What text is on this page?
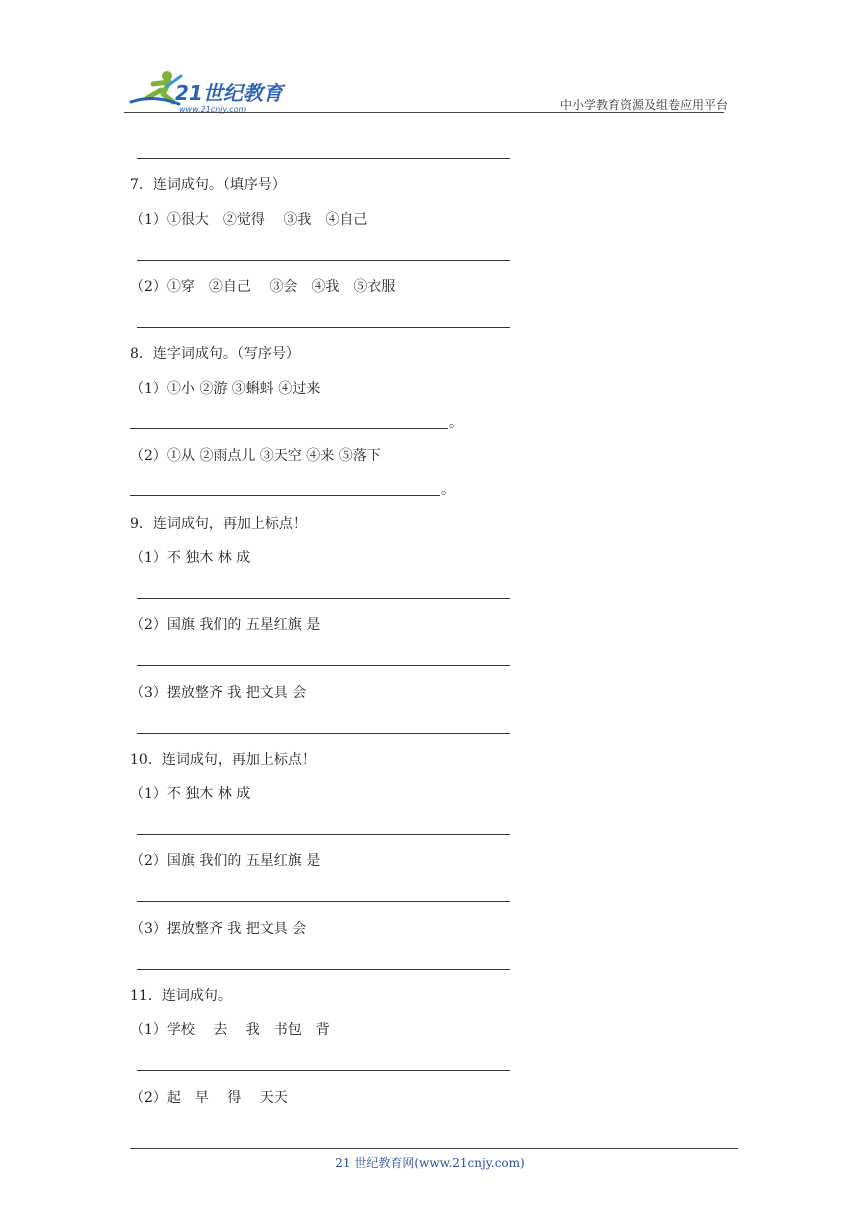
21世纪教育
www.21cnjy.com	中小学教育资源及组卷应用平台
7．连词成句。（填序号）
（1）①很大　②觉得　 ③我　④自己
（2）①穿　②自己　 ③会　④我　⑤衣服
8．连字词成句。（写序号）
（1）①小 ②游 ③蝌蚪 ④过来
。
（2）①从 ②雨点儿 ③天空 ④来 ⑤落下
。
9．连词成句，再加上标点！
（1）不 独木 林 成
（2）国旗 我们的 五星红旗 是
（3）摆放整齐 我 把文具 会
10．连词成句，再加上标点！
（1）不 独木 林 成
（2）国旗 我们的 五星红旗 是
（3）摆放整齐 我 把文具 会
11．连词成句。
（1）学校　 去　 我　书包　背
（2）起　早　 得　 天天
21 世纪教育网(www.21cnjy.com)
